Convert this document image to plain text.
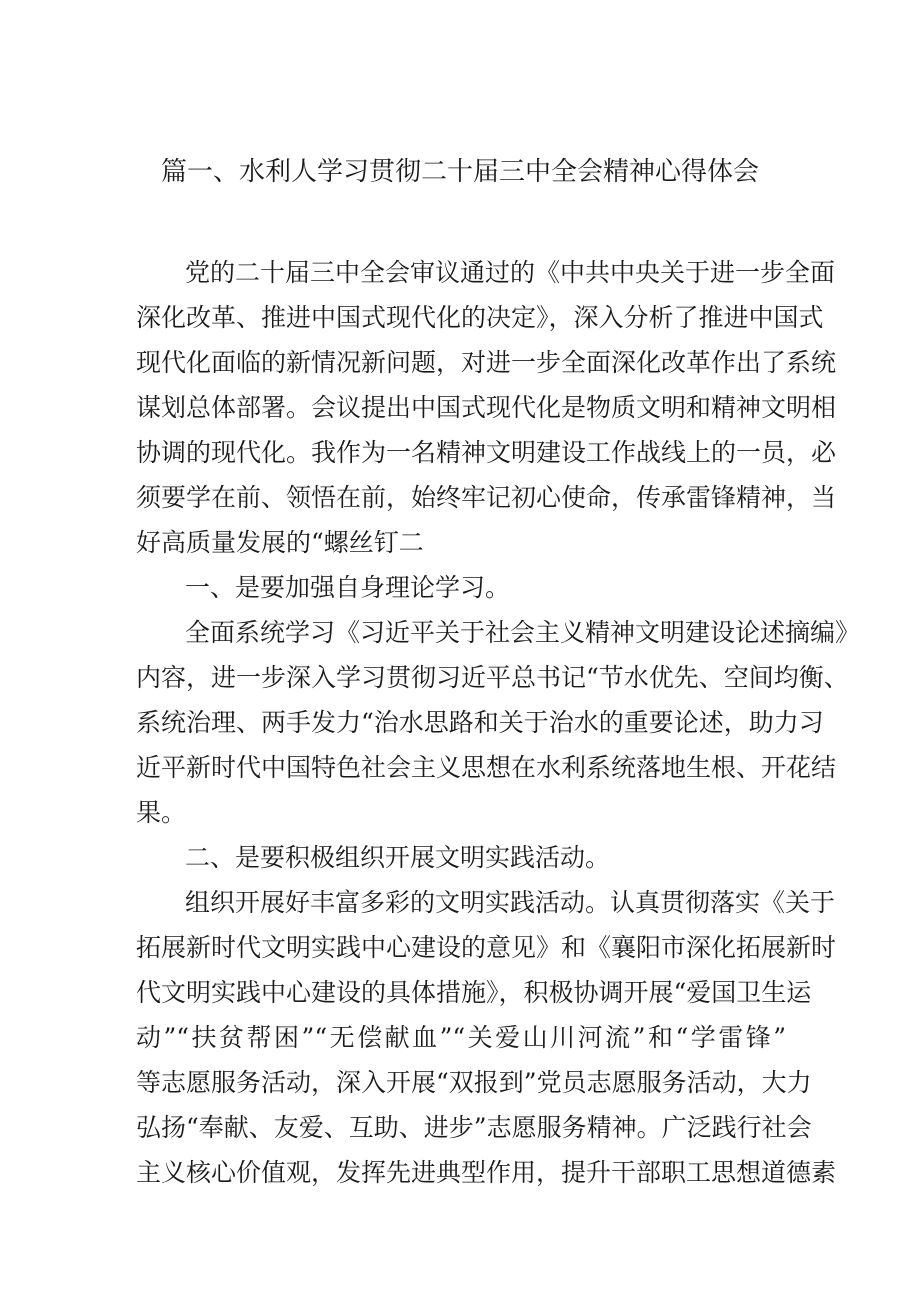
篇一、水利人学习贯彻二十届三中全会精神心得体会
党的二十届三中全会审议通过的《中共中央关于进一步全面
深化改革、推进中国式现代化的决定》，深入分析了推进中国式
现代化面临的新情况新问题，对进一步全面深化改革作出了系统
谋划总体部署。会议提出中国式现代化是物质文明和精神文明相
协调的现代化。我作为一名精神文明建设工作战线上的一员，必
须要学在前、领悟在前，始终牢记初心使命，传承雷锋精神，当
好高质量发展的“螺丝钉二
一、是要加强自身理论学习。
全面系统学习《习近平关于社会主义精神文明建设论述摘编》
内容，进一步深入学习贯彻习近平总书记“节水优先、空间均衡、
系统治理、两手发力“治水思路和关于治水的重要论述，助力习
近平新时代中国特色社会主义思想在水利系统落地生根、开花结
果。
二、是要积极组织开展文明实践活动。
组织开展好丰富多彩的文明实践活动。认真贯彻落实《关于
拓展新时代文明实践中心建设的意见》和《襄阳市深化拓展新时
代文明实践中心建设的具体措施》，积极协调开展“爱国卫生运
动”“扶贫帮困”“无偿献血”“关爱山川河流”和“学雷锋”
等志愿服务活动，深入开展“双报到”党员志愿服务活动，大力
弘扬“奉献、友爱、互助、进步”志愿服务精神。广泛践行社会
主义核心价值观，发挥先进典型作用，提升干部职工思想道德素
